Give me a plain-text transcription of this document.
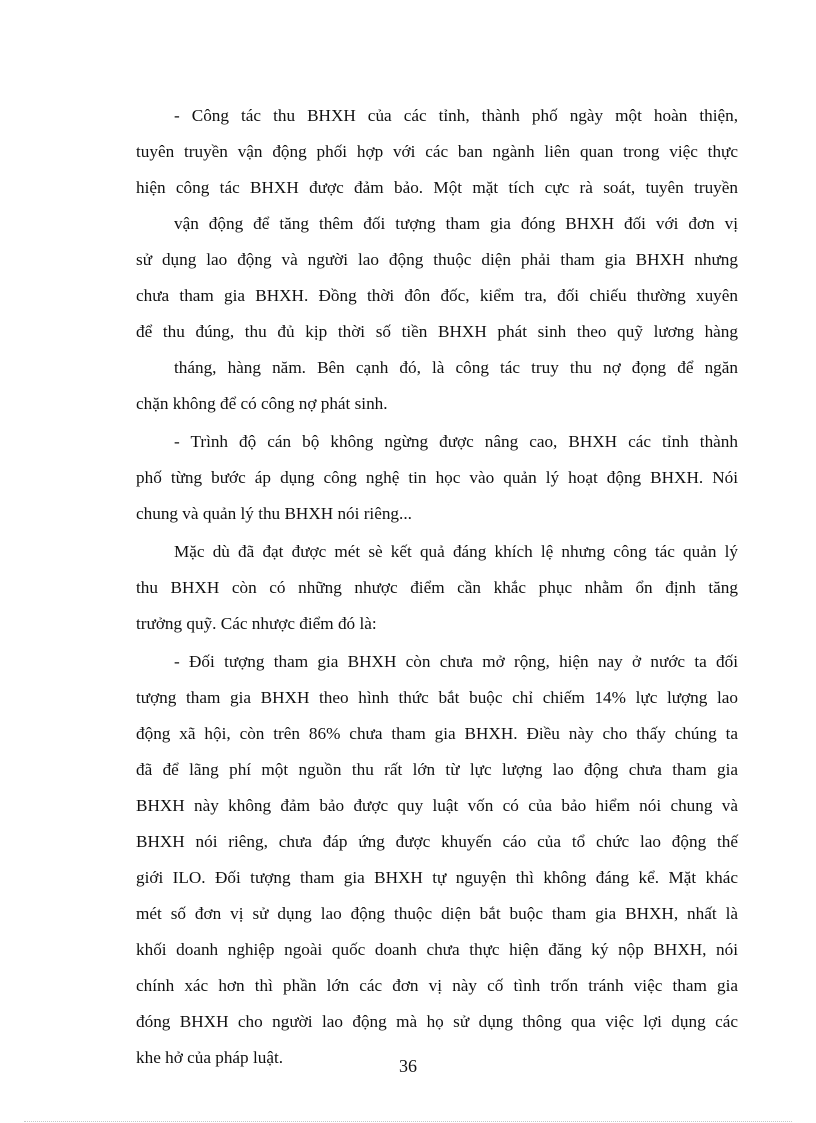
- Công tác thu BHXH của các tỉnh, thành phố ngày một hoàn thiện,
tuyên truyền vận động phối hợp với các ban ngành liên quan trong việc thực
hiện công tác BHXH được đảm bảo. Một mặt tích cực rà soát, tuyên truyền
vận động để tăng thêm đối tượng tham gia đóng BHXH đối với đơn vị
sử dụng lao động và người lao động thuộc diện phải tham gia BHXH nhưng
chưa tham gia BHXH. Đồng thời đôn đốc, kiểm tra, đối chiếu thường xuyên
để thu đúng, thu đủ kịp thời số tiền BHXH phát sinh theo quỹ lương hàng
tháng, hàng năm. Bên cạnh đó, là công tác truy thu nợ đọng để ngăn
chặn không để có công nợ phát sinh.

- Trình độ cán bộ không ngừng được nâng cao, BHXH các tỉnh thành
phố từng bước áp dụng công nghệ tin học vào quản lý hoạt động BHXH. Nói
chung và quản lý thu BHXH nói riêng...

Mặc dù đã đạt được mét sè kết quả đáng khích lệ nhưng công tác quản lý
thu BHXH còn có những nhược điểm cần khắc phục nhằm ổn định tăng
trưởng quỹ. Các nhược điểm đó là:

- Đối tượng tham gia BHXH còn chưa mở rộng, hiện nay ở nước ta đối
tượng tham gia BHXH theo hình thức bắt buộc chỉ chiếm 14% lực lượng lao
động xã hội, còn trên 86% chưa tham gia BHXH. Điều này cho thấy chúng ta
đã để lãng phí một nguồn thu rất lớn từ lực lượng lao động chưa tham gia
BHXH này không đảm bảo được quy luật vốn có của bảo hiểm nói chung và
BHXH nói riêng, chưa đáp ứng được khuyến cáo của tổ chức lao động thế
giới ILO. Đối tượng tham gia BHXH tự nguyện thì không đáng kể. Mặt khác
mét số đơn vị sử dụng lao động thuộc diện bắt buộc tham gia BHXH, nhất là
khối doanh nghiệp ngoài quốc doanh chưa thực hiện đăng ký nộp BHXH, nói
chính xác hơn thì phần lớn các đơn vị này cố tình trốn tránh việc tham gia
đóng BHXH cho người lao động mà họ sử dụng thông qua việc lợi dụng các
khe hở của pháp luật.	36
